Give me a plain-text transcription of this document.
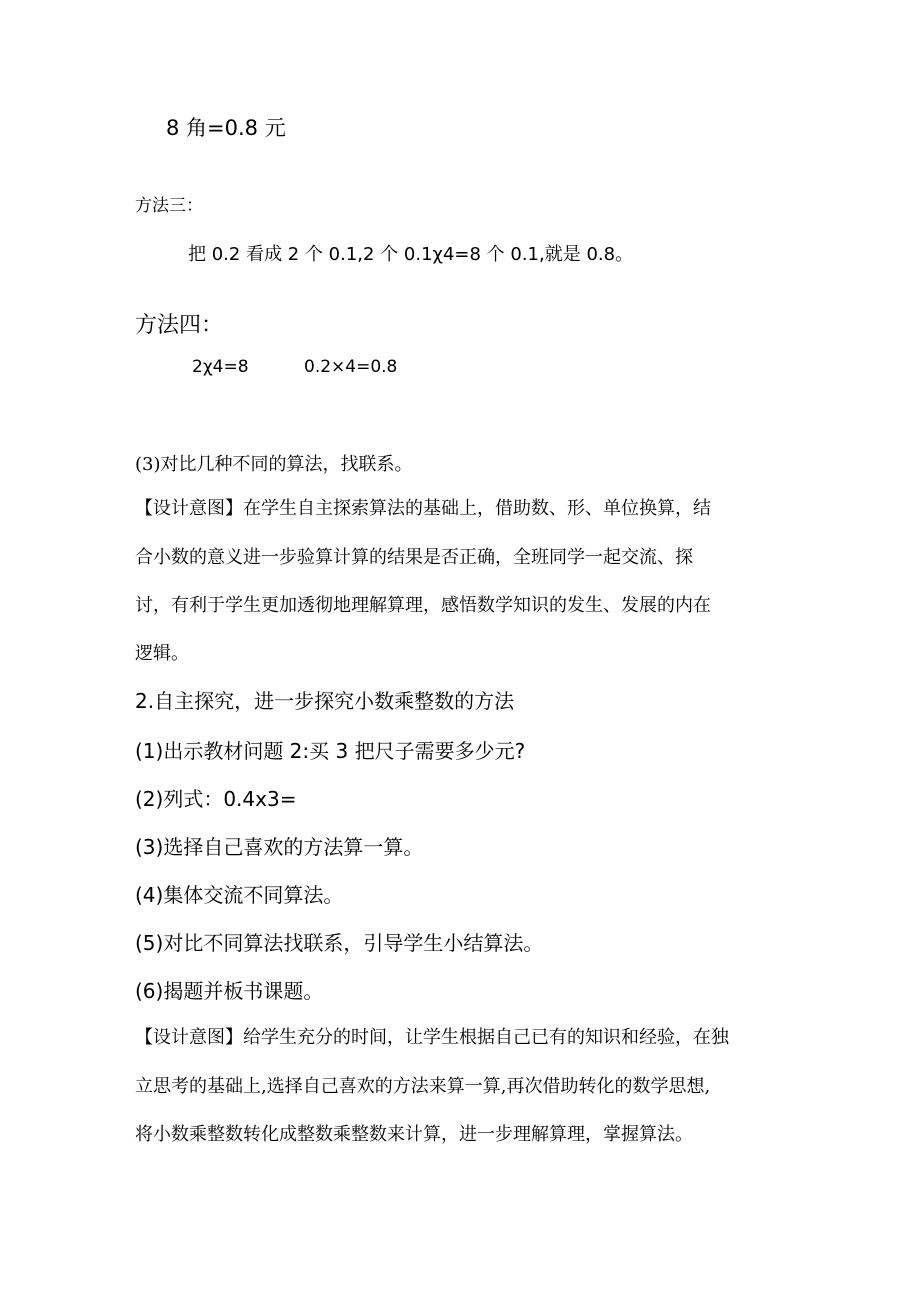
8 角=0.8 元
方法三：
把 0.2 看成 2 个 0.1,2 个 0.1χ4=8 个 0.1,就是 0.8。
方法四：
2χ4=8	0.2×4=0.8
(3)对比几种不同的算法，找联系。
【设计意图】在学生自主探索算法的基础上，借助数、形、单位换算，结
合小数的意义进一步验算计算的结果是否正确，全班同学一起交流、探
讨，有利于学生更加透彻地理解算理，感悟数学知识的发生、发展的内在
逻辑。
2.自主探究，进一步探究小数乘整数的方法
(1)出示教材问题 2:买 3 把尺子需要多少元?
(2)列式：0.4x3=
(3)选择自己喜欢的方法算一算。
(4)集体交流不同算法。
(5)对比不同算法找联系，引导学生小结算法。
(6)揭题并板书课题。
【设计意图】给学生充分的时间，让学生根据自己已有的知识和经验，在独
立思考的基础上,选择自己喜欢的方法来算一算,再次借助转化的数学思想,
将小数乘整数转化成整数乘整数来计算，进一步理解算理，掌握算法。
